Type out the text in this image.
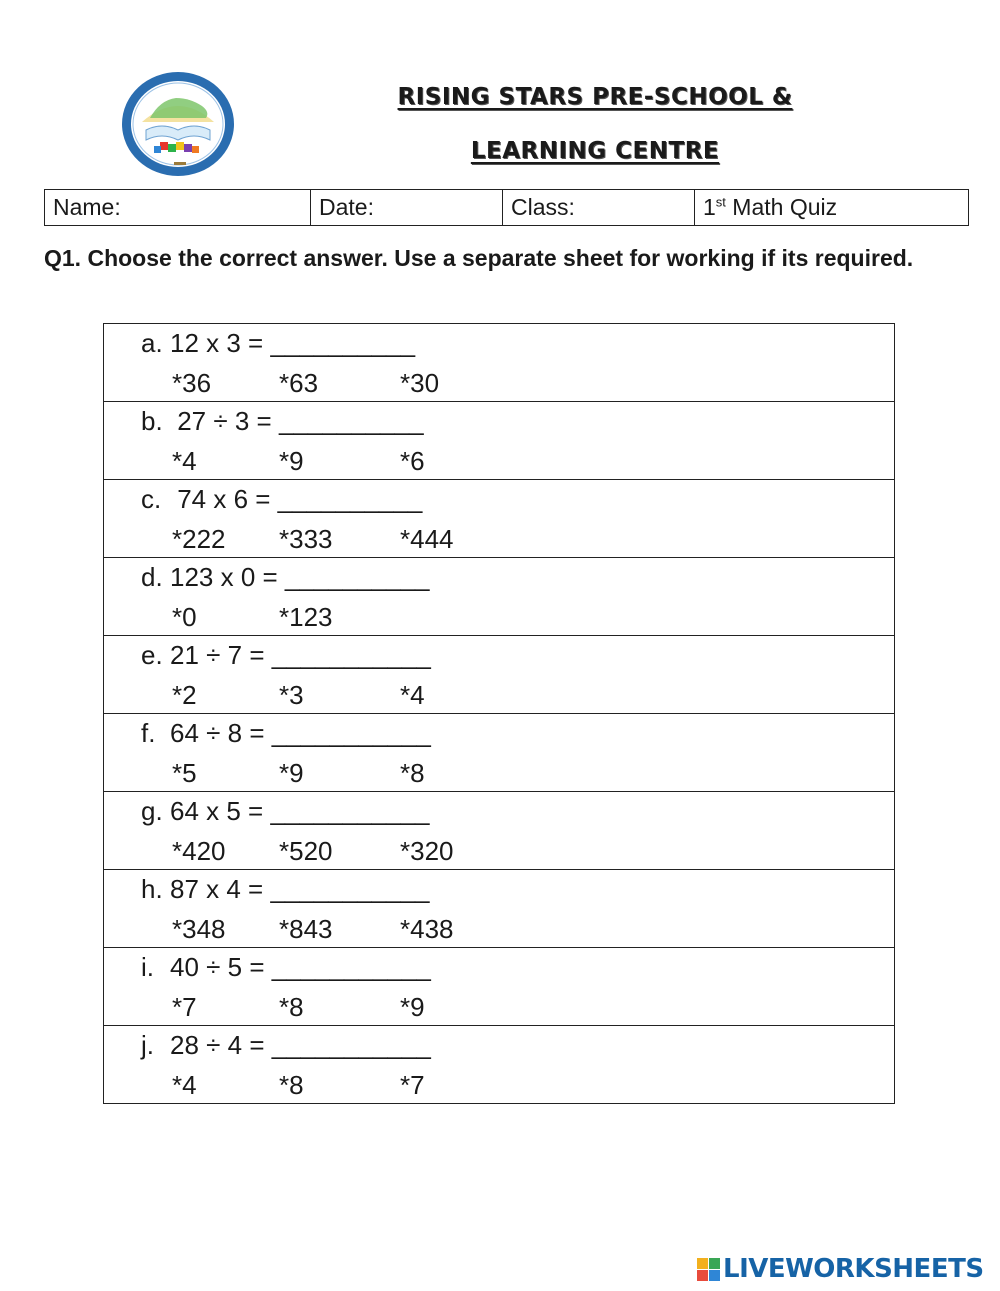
RISING STARS PRE-SCHOOL &
LEARNING CENTRE
Name:	Date:	Class:	1st Math Quiz

Q1. Choose the correct answer. Use a separate sheet for working if its required.

a. 12 x 3 = __________
*36	*63	*30

b. 27 ÷ 3 = __________
*4	*9	*6

c. 74 x 6 = __________
*222 *333	*444

d. 123 x 0 = __________
*0	*123

e. 21 ÷ 7 = ___________
*2	*3	*4

f. 64 ÷ 8 = ___________
*5	*9	*8

g. 64 x 5 = ___________
*420 *520	*320

h. 87 x 4 = ___________
*348 *843	*438

i. 40 ÷ 5 = ___________
*7	*8	*9

j. 28 ÷ 4 = ___________
*4	*8	*7
LIVEWORKSHEETS
